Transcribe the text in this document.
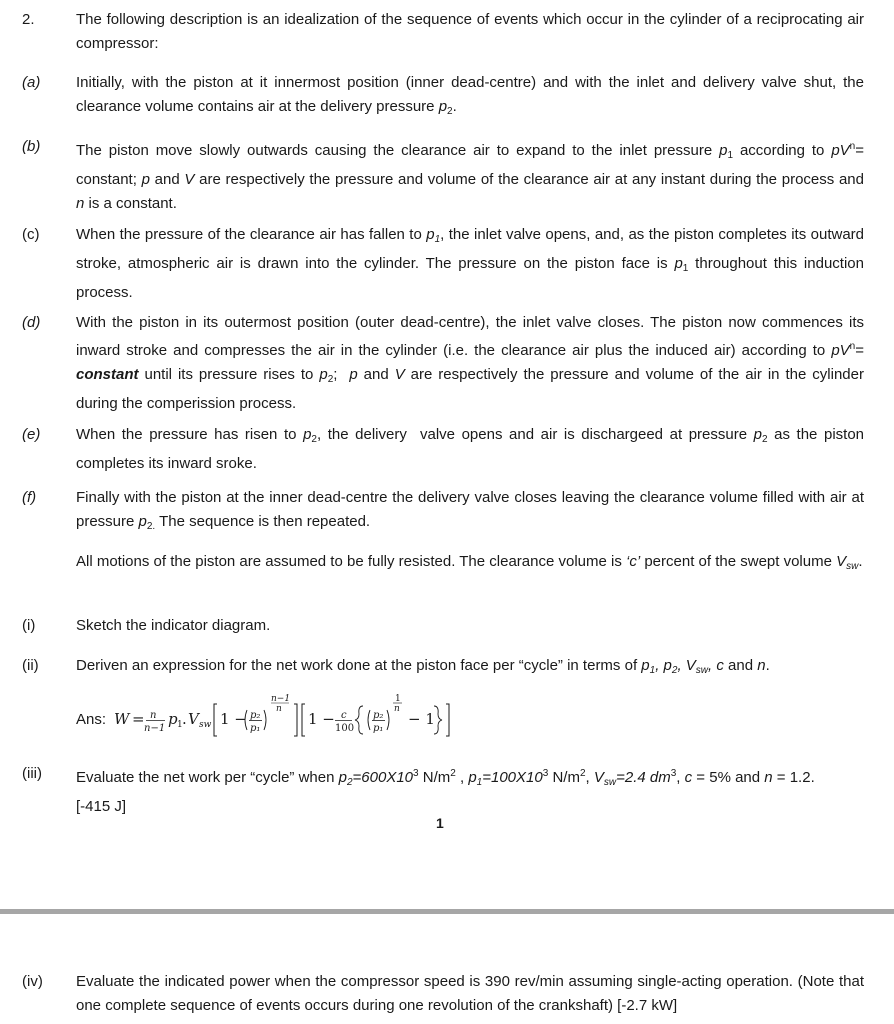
2.	The following description is an idealization of the sequence of events which occur in the cylinder of a reciprocating air compressor:

(a) Initially, with the piston at it innermost position (inner dead-centre) and with the inlet and delivery valve shut, the clearance volume contains air at the delivery pressure $p_2$.

(b) The piston move slowly outwards causing the clearance air to expand to the inlet pressure $p_1$ according to $pV^n=$ constant; p and V are respectively the pressure and volume of the clearance air at any instant during the process and n is a constant.

(c) When the pressure of the clearance air has fallen to $p_1$, the inlet valve opens, and, as the piston completes its outward stroke, atmospheric air is drawn into the cylinder. The pressure on the piston face is $p_1$ throughout this induction process.

(d) With the piston in its outermost position (outer dead-centre), the inlet valve closes. The piston now commences its inward stroke and compresses the air in the cylinder (i.e. the clearance air plus the induced air) according to $pV^n=$ constant until its pressure rises to $p_2$;  p and V are respectively the pressure and volume of the air in the cylinder during the comperission process.

(e) When the pressure has risen to $p_2$, the delivery  valve opens and air is dischargeed at pressure $p_2$ as the piston completes its inward sroke.

(f)	Finally with the piston at the inner dead-centre the delivery valve closes leaving the clearance volume filled with air at pressure $p_{2.}$ The sequence is then repeated.

All motions of the piston are assumed to be fully resisted. The clearance volume is ‘c’ percent of the swept volume $V_{sw}$.

(i)	Sketch the indicator diagram.

(ii) Deriven an expression for the net work done at the piston face per “cycle” in terms of $p_1$, $p_2$, $V_{sw}$, c and n.

Ans: W = n
n−1
p 1 . V sw 1 − p₂
p₁
n−1
n
1 − c
100
p₂
p₁
1
n
− 1
(iii) Evaluate the net work per “cycle” when $p_2=600X10^3$ $N/m^2$ , $p_1=100X10^3$ $N/m^2$, $V_{sw}=2.4$ $dm^3$, c = 5% and n = 1.2.
[-415 J]

1
(iv) Evaluate the indicated power when the compressor speed is 390 rev/min assuming single-acting operation. (Note that one complete sequence of events occurs during one revolution of the crankshaft) [-2.7 kW]
